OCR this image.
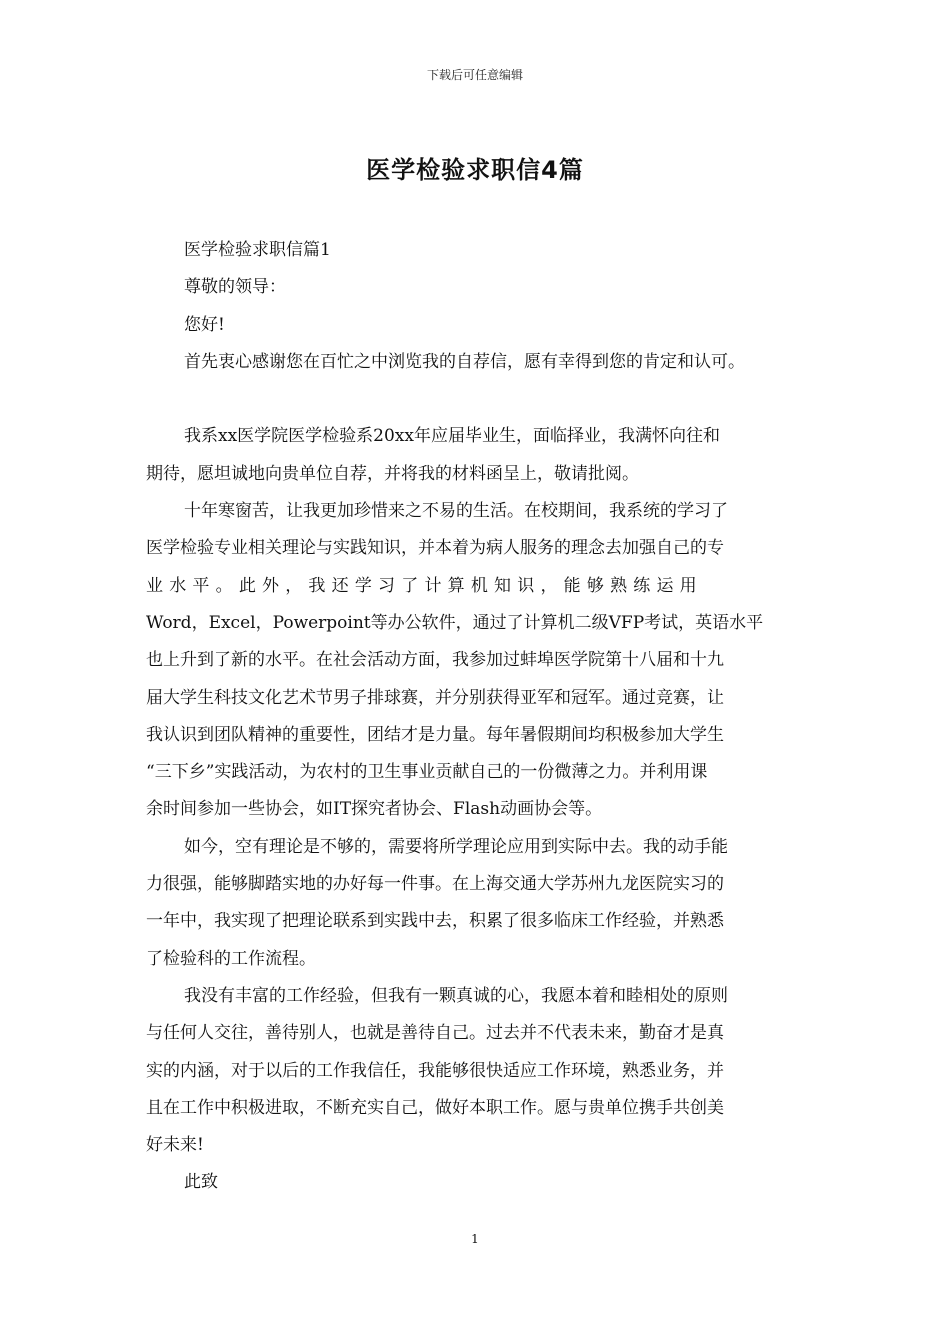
下载后可任意编辑
医学检验求职信4篇
医学检验求职信篇1
尊敬的领导：
您好!
首先衷心感谢您在百忙之中浏览我的自荐信，愿有幸得到您的肯定和认可。
我系xx医学院医学检验系20xx年应届毕业生，面临择业，我满怀向往和
期待，愿坦诚地向贵单位自荐，并将我的材料函呈上，敬请批阅。
十年寒窗苦，让我更加珍惜来之不易的生活。在校期间，我系统的学习了
医学检验专业相关理论与实践知识，并本着为病人服务的理念去加强自己的专
业 水 平 。 此 外 ， 我 还 学 习 了 计 算 机 知 识 ， 能 够 熟 练 运 用
Word，Excel，Powerpoint等办公软件，通过了计算机二级VFP考试，英语水平
也上升到了新的水平。在社会活动方面，我参加过蚌埠医学院第十八届和十九
届大学生科技文化艺术节男子排球赛，并分别获得亚军和冠军。通过竞赛，让
我认识到团队精神的重要性，团结才是力量。每年暑假期间均积极参加大学生
“三下乡”实践活动，为农村的卫生事业贡献自己的一份微薄之力。并利用课
余时间参加一些协会，如IT探究者协会、Flash动画协会等。
如今，空有理论是不够的，需要将所学理论应用到实际中去。我的动手能
力很强，能够脚踏实地的办好每一件事。在上海交通大学苏州九龙医院实习的
一年中，我实现了把理论联系到实践中去，积累了很多临床工作经验，并熟悉
了检验科的工作流程。
我没有丰富的工作经验，但我有一颗真诚的心，我愿本着和睦相处的原则
与任何人交往，善待别人，也就是善待自己。过去并不代表未来，勤奋才是真
实的内涵，对于以后的工作我信任，我能够很快适应工作环境，熟悉业务，并
且在工作中积极进取，不断充实自己，做好本职工作。愿与贵单位携手共创美
好未来!
此致
1
